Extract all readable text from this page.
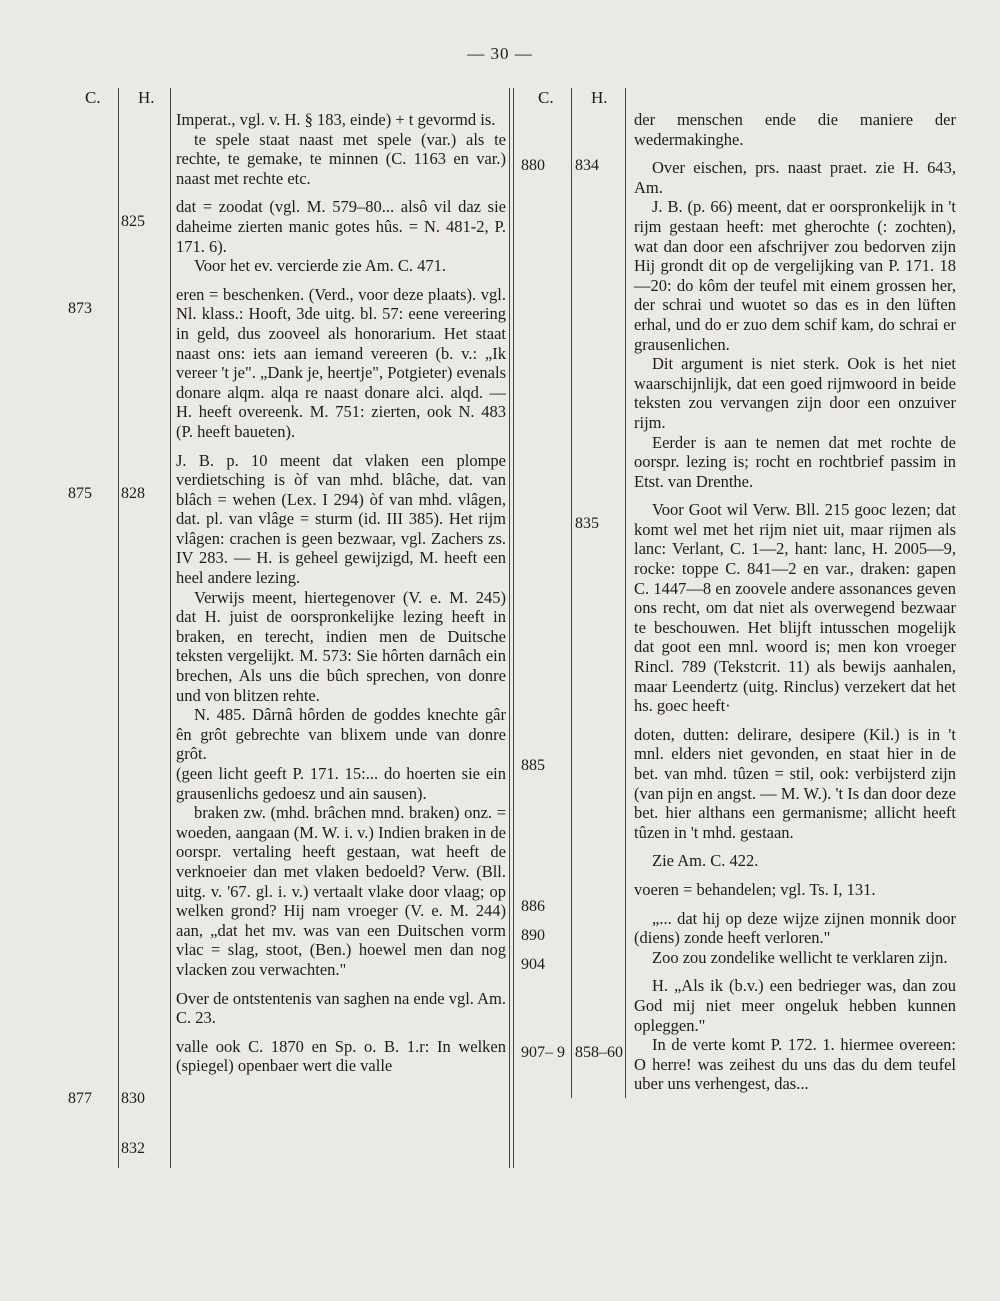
— 30 —
C. H.
873
875
877
825
828
830
832

Imperat., vgl. v. H. § 183, einde) + t gevormd is.

te spele staat naast met spele (var.) als te rechte, te gemake, te minnen (C. 1163 en var.) naast met rechte etc.

dat = zoodat (vgl. M. 579–80... alsô vil daz sie daheime zierten manic gotes hûs. = N. 481-2, P. 171. 6).

Voor het ev. vercierde zie Am. C. 471.

eren = beschenken. (Verd., voor deze plaats). vgl. Nl. klass.: Hooft, 3de uitg. bl. 57: eene vereering in geld, dus zooveel als honorarium. Het staat naast ons: iets aan iemand vereeren (b. v.: „Ik vereer 't je". „Dank je, heertje", Potgieter) evenals donare alqm. alqa re naast donare alci. alqd. — H. heeft overeenk. M. 751: zierten, ook N. 483 (P. heeft baueten).

J. B. p. 10 meent dat vlaken een plompe verdietsching is òf van mhd. blâche, dat. van blâch = wehen (Lex. I 294) òf van mhd. vlâgen, dat. pl. van vlâge = sturm (id. III 385). Het rijm vlâgen: crachen is geen bezwaar, vgl. Zachers zs. IV 283. — H. is geheel gewijzigd, M. heeft een heel andere lezing.

Verwijs meent, hiertegenover (V. e. M. 245) dat H. juist de oorspronkelijke lezing heeft in braken, en terecht, indien men de Duitsche teksten vergelijkt. M. 573: Sie hôrten darnâch ein brechen, Als uns die bûch sprechen, von donre und von blitzen rehte.

N. 485. Dârnâ hôrden de goddes knechte gâr ên grôt gebrechte van blixem unde van donre grôt.

(geen licht geeft P. 171. 15:... do hoerten sie ein grausenlichs gedoesz und ain sausen).

braken zw. (mhd. brâchen mnd. braken) onz. = woeden, aangaan (M. W. i. v.) Indien braken in de oorspr. vertaling heeft gestaan, wat heeft de verknoeier dan met vlaken bedoeld? Verw. (Bll. uitg. v. '67. gl. i. v.) vertaalt vlake door vlaag; op welken grond? Hij nam vroeger (V. e. M. 244) aan, „dat het mv. was van een Duitschen vorm vlac = slag, stoot, (Ben.) hoewel men dan nog vlacken zou verwachten."

Over de ontstentenis van saghen na ende vgl. Am. C. 23.

valle ook C. 1870 en Sp. o. B. 1.r: In welken (spiegel) openbaer wert die valle

C. H.
880
885
886
890
904
907– 9
834
835
858–60

der menschen ende die maniere der wedermakinghe.

Over eischen, prs. naast praet. zie H. 643, Am.

J. B. (p. 66) meent, dat er oorspronkelijk in 't rijm gestaan heeft: met gherochte (: zochten), wat dan door een afschrijver zou bedorven zijn Hij grondt dit op de vergelijking van P. 171. 18—20: do kôm der teufel mit einem grossen her, der schrai und wuotet so das es in den lüften erhal, und do er zuo dem schif kam, do schrai er grausenlichen.

Dit argument is niet sterk. Ook is het niet waarschijnlijk, dat een goed rijmwoord in beide teksten zou vervangen zijn door een onzuiver rijm.

Eerder is aan te nemen dat met rochte de oorspr. lezing is; rocht en rochtbrief passim in Etst. van Drenthe.

Voor Goot wil Verw. Bll. 215 gooc lezen; dat komt wel met het rijm niet uit, maar rijmen als lanc: Verlant, C. 1—2, hant: lanc, H. 2005—9, rocke: toppe C. 841—2 en var., draken: gapen C. 1447—8 en zoovele andere assonances geven ons recht, om dat niet als overwegend bezwaar te beschouwen. Het blijft intusschen mogelijk dat goot een mnl. woord is; men kon vroeger Rincl. 789 (Tekstcrit. 11) als bewijs aanhalen, maar Leendertz (uitg. Rinclus) verzekert dat het hs. goec heeft·

doten, dutten: delirare, desipere (Kil.) is in 't mnl. elders niet gevonden, en staat hier in de bet. van mhd. tûzen = stil, ook: verbijsterd zijn (van pijn en angst. — M. W.). 't Is dan door deze bet. hier althans een germanisme; allicht heeft tûzen in 't mhd. gestaan.

Zie Am. C. 422.

voeren = behandelen; vgl. Ts. I, 131.

„... dat hij op deze wijze zijnen monnik door (diens) zonde heeft verloren."

Zoo zou zondelike wellicht te verklaren zijn.

H. „Als ik (b.v.) een bedrieger was, dan zou God mij niet meer ongeluk hebben kunnen opleggen."

In de verte komt P. 172. 1. hiermee overeen: O herre! was zeihest du uns das du dem teufel uber uns verhengest, das...
